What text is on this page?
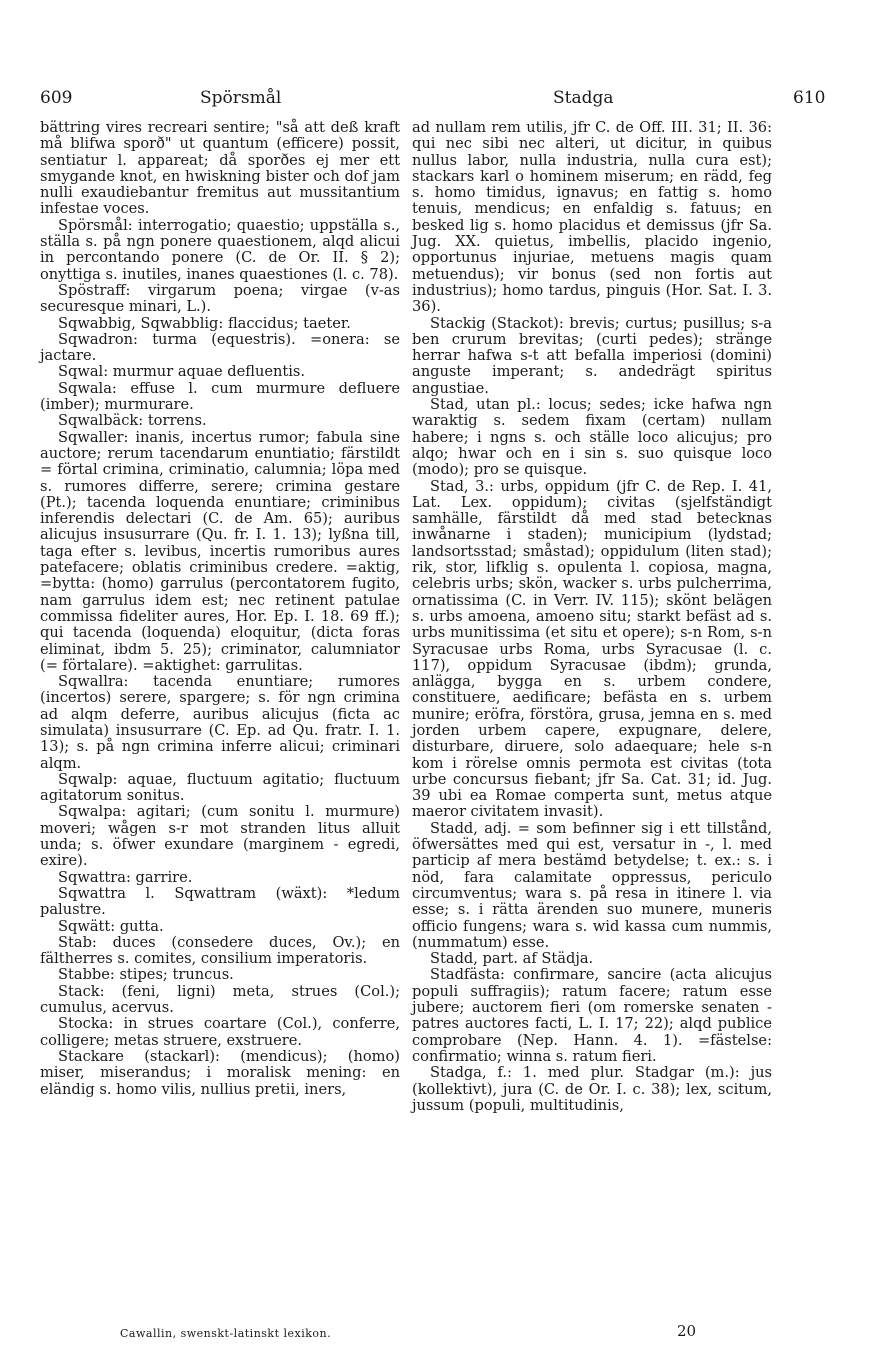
609	Spörsmål	Stadga	610

bättring vires recreari sentire; "så att deß kraft må blifwa sporð" ut quantum (efficere) possit, sentiatur l. appareat; då sporðes ej mer ett smygande knot, en hwiskning bister och dof jam nulli exaudiebantur fremitus aut mussitantium infestae voces.

Spörsmål: interrogatio; quaestio; uppställa s., ställa s. på ngn ponere quaestionem, alqd alicui in percontando ponere (C. de Or. II. § 2); onyttiga s. inutiles, inanes quaestiones (l. c. 78).

Spöstraff: virgarum poena; virgae (v-as securesque minari, L.).

Sqwabbig, Sqwabblig: flaccidus; taeter.

Sqwadron: turma (equestris). =onera: se jactare.

Sqwal: murmur aquae defluentis.

Sqwala: effuse l. cum murmure defluere (imber); murmurare.

Sqwalbäck: torrens.

Sqwaller: inanis, incertus rumor; fabula sine auctore; rerum tacendarum enuntiatio; färstildt = förtal crimina, criminatio, calumnia; löpa med s. rumores differre, serere; crimina gestare (Pt.); tacenda loquenda enuntiare; criminibus inferendis delectari (C. de Am. 65); auribus alicujus insusurrare (Qu. fr. I. 1. 13); lyßna till, taga efter s. levibus, incertis rumoribus aures patefacere; oblatis criminibus credere. =aktig, =bytta: (homo) garrulus (percontatorem fugito, nam garrulus idem est; nec retinent patulae commissa fideliter aures, Hor. Ep. I. 18. 69 ff.); qui tacenda (loquenda) eloquitur, (dicta foras eliminat, ibdm 5. 25); criminator, calumniator (= förtalare). =aktighet: garrulitas.

Sqwallra: tacenda enuntiare; rumores (incertos) serere, spargere; s. för ngn crimina ad alqm deferre, auribus alicujus (ficta ac simulata) insusurrare (C. Ep. ad Qu. fratr. I. 1. 13); s. på ngn crimina inferre alicui; criminari alqm.

Sqwalp: aquae, fluctuum agitatio; fluctuum agitatorum sonitus.

Sqwalpa: agitari; (cum sonitu l. murmure) moveri; wågen s-r mot stranden litus alluit unda; s. öfwer exundare (marginem - egredi, exire).

Sqwattra: garrire.

Sqwattra l. Sqwattram (wäxt): *ledum palustre.

Sqwätt: gutta.

Stab: duces (consedere duces, Ov.); en fältherres s. comites, consilium imperatoris.

Stabbe: stipes; truncus.

Stack: (feni, ligni) meta, strues (Col.); cumulus, acervus.

Stocka: in strues coartare (Col.), conferre, colligere; metas struere, exstruere.

Stackare (stackarl): (mendicus); (homo) miser, miserandus; i moralisk mening: en eländig s. homo vilis, nullius pretii, iners,

ad nullam rem utilis, jfr C. de Off. III. 31; II. 36: qui nec sibi nec alteri, ut dicitur, in quibus nullus labor, nulla industria, nulla cura est); stackars karl o hominem miserum; en rädd, feg s. homo timidus, ignavus; en fattig s. homo tenuis, mendicus; en enfaldig s. fatuus; en besked lig s. homo placidus et demissus (jfr Sa. Jug. XX. quietus, imbellis, placido ingenio, opportunus injuriae, metuens magis quam metuendus); vir bonus (sed non fortis aut industrius); homo tardus, pinguis (Hor. Sat. I. 3. 36).

Stackig (Stackot): brevis; curtus; pusillus; s-a ben crurum brevitas; (curti pedes); stränge herrar hafwa s-t att befalla imperiosi (domini) anguste imperant; s. andedrägt spiritus angustiae.

Stad, utan pl.: locus; sedes; icke hafwa ngn waraktig s. sedem fixam (certam) nullam habere; i ngns s. och ställe loco alicujus; pro alqo; hwar och en i sin s. suo quisque loco (modo); pro se quisque.

Stad, 3.: urbs, oppidum (jfr C. de Rep. I. 41, Lat. Lex. oppidum); civitas (sjelfständigt samhälle, färstildt då med stad betecknas inwånarne i staden); municipium (lydstad; landsortsstad; småstad); oppidulum (liten stad); rik, stor, lifklig s. opulenta l. copiosa, magna, celebris urbs; skön, wacker s. urbs pulcherrima, ornatissima (C. in Verr. IV. 115); skönt belägen s. urbs amoena, amoeno situ; starkt befäst ad s. urbs munitissima (et situ et opere); s-n Rom, s-n Syracusae urbs Roma, urbs Syracusae (l. c. 117), oppidum Syracusae (ibdm); grunda, anlägga, bygga en s. urbem condere, constituere, aedificare; befästa en s. urbem munire; eröfra, förstöra, grusa, jemna en s. med jorden urbem capere, expugnare, delere, disturbare, diruere, solo adaequare; hele s-n kom i rörelse omnis permota est civitas (tota urbe concursus fiebant; jfr Sa. Cat. 31; id. Jug. 39 ubi ea Romae comperta sunt, metus atque maeror civitatem invasit).

Stadd, adj. = som befinner sig i ett tillstånd, öfwersättes med qui est, versatur in -, l. med particip af mera bestämd betydelse; t. ex.: s. i nöd, fara calamitate oppressus, periculo circumventus; wara s. på resa in itinere l. via esse; s. i rätta ärenden suo munere, muneris officio fungens; wara s. wid kassa cum nummis, (nummatum) esse.

Stadd, part. af Städja.

Stadfästa: confirmare, sancire (acta alicujus populi suffragiis); ratum facere; ratum esse jubere; auctorem fieri (om romerske senaten - patres auctores facti, L. I. 17; 22); alqd publice comprobare (Nep. Hann. 4. 1). =fästelse: confirmatio; winna s. ratum fieri.

Stadga, f.: 1. med plur. Stadgar (m.): jus (kollektivt), jura (C. de Or. I. c. 38); lex, scitum, jussum (populi, multitudinis,

Cawallin, swenskt-latinskt lexikon.	20
